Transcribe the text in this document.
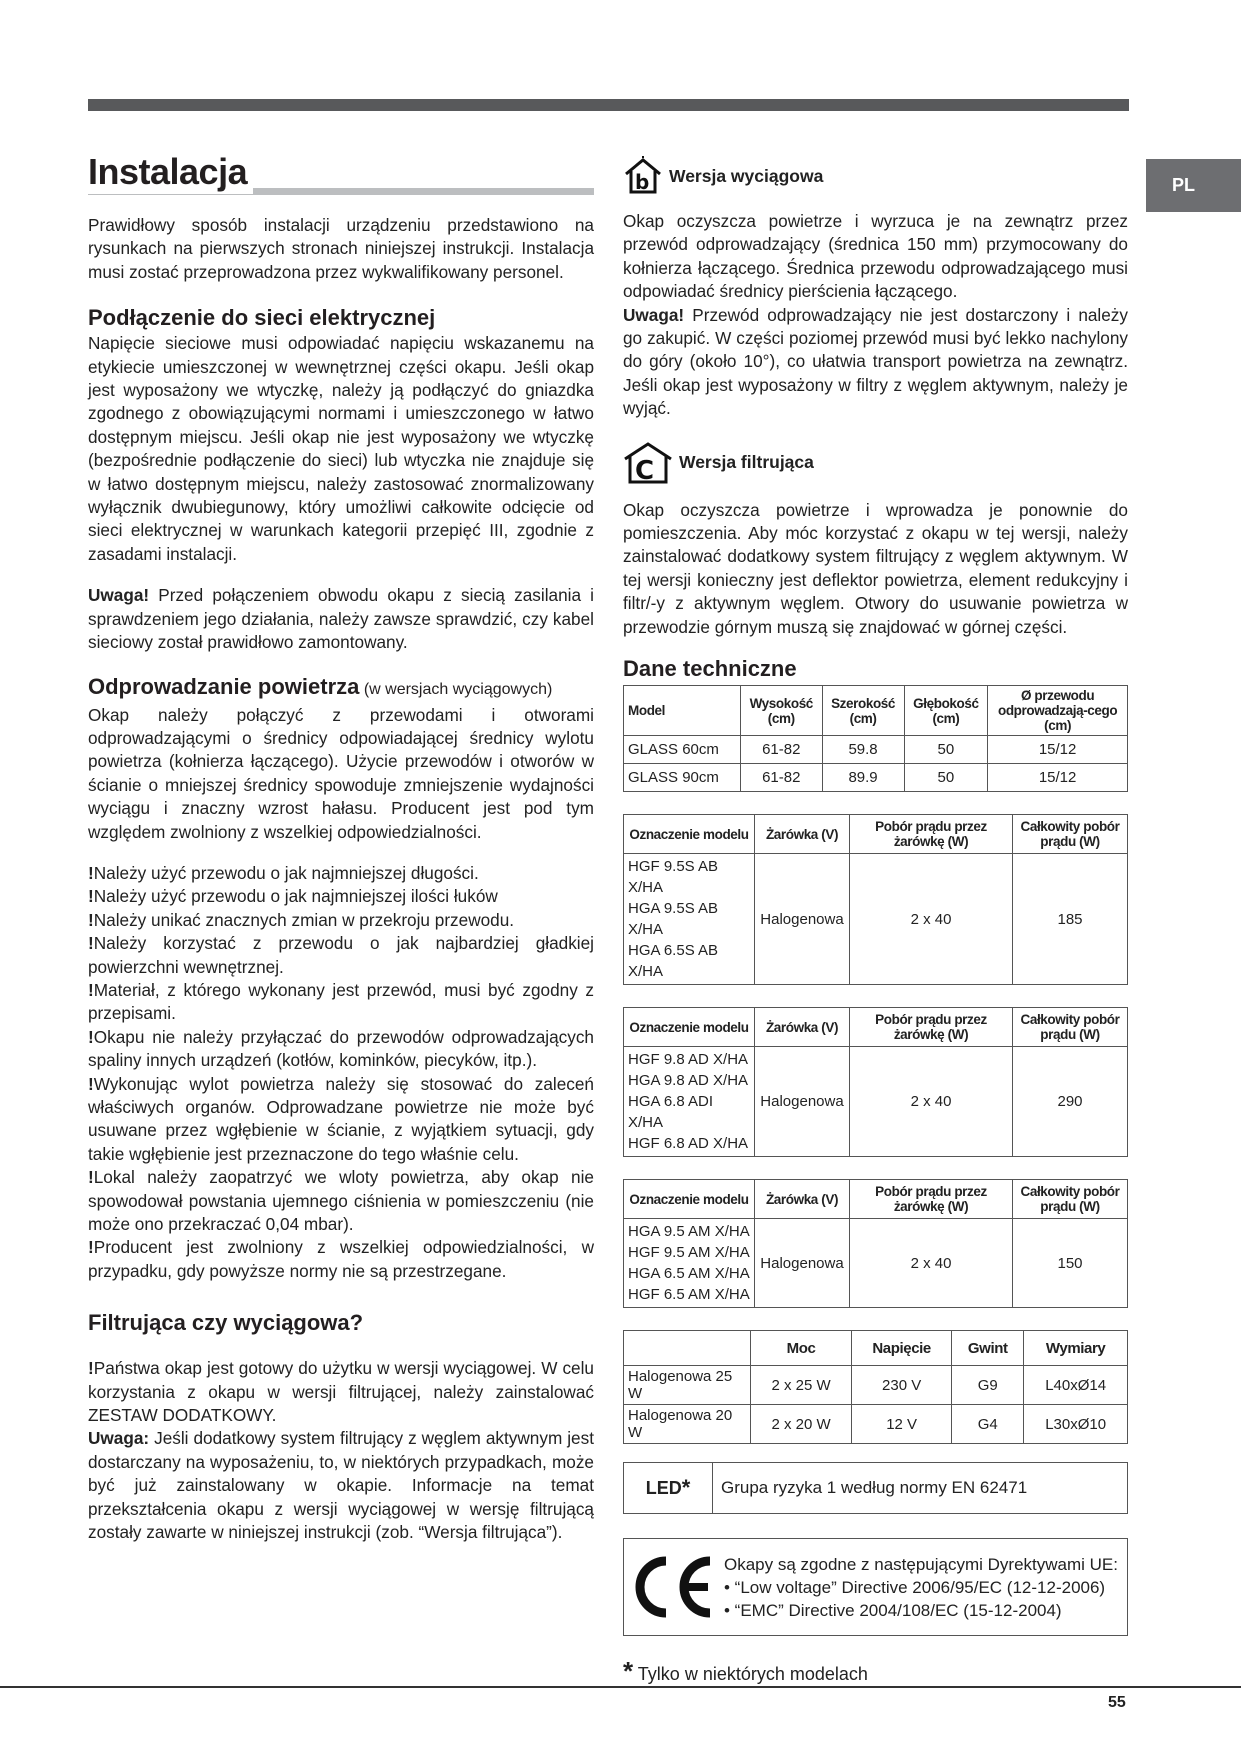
PL
Instalacja

Prawidłowy sposób instalacji urządzeniu przedstawiono na rysunkach na pierwszych stronach niniejszej instrukcji. Instalacja musi zostać przeprowadzona przez wykwalifikowany personel.

Podłączenie do sieci elektrycznej

Napięcie sieciowe musi odpowiadać napięciu wskazanemu na etykiecie umieszczonej w wewnętrznej części okapu. Jeśli okap jest wyposażony we wtyczkę, należy ją podłączyć do gniazdka zgodnego z obowiązującymi normami i umieszczonego w łatwo dostępnym miejscu. Jeśli okap nie jest wyposażony we wtyczkę (bezpośrednie podłączenie do sieci) lub wtyczka nie znajduje się w łatwo dostępnym miejscu, należy zastosować znormalizowany wyłącznik dwubiegunowy, który umożliwi całkowite odcięcie od sieci elektrycznej w warunkach kategorii przepięć III, zgodnie z zasadami instalacji.

Uwaga! Przed połączeniem obwodu okapu z siecią zasilania i sprawdzeniem jego działania, należy zawsze sprawdzić, czy kabel sieciowy został prawidłowo zamontowany.

Odprowadzanie powietrza (w wersjach wyciągowych)

Okap należy połączyć z przewodami i otworami odprowadzającymi o średnicy odpowiadającej średnicy wylotu powietrza (kołnierza łączącego). Użycie przewodów i otworów w ścianie o mniejszej średnicy spowoduje zmniejszenie wydajności wyciągu i znaczny wzrost hałasu. Producent jest pod tym względem zwolniony z wszelkiej odpowiedzialności.

!Należy użyć przewodu o jak najmniejszej długości.

!Należy użyć przewodu o jak najmniejszej ilości łuków

!Należy unikać znacznych zmian w przekroju przewodu.

!Należy korzystać z przewodu o jak najbardziej gładkiej powierzchni wewnętrznej.

!Materiał, z którego wykonany jest przewód, musi być zgodny z przepisami.

!Okapu nie należy przyłączać do przewodów odprowadzających spaliny innych urządzeń (kotłów, kominków, piecyków, itp.).

!Wykonując wylot powietrza należy się stosować do zaleceń właściwych organów. Odprowadzane powietrze nie może być usuwane przez wgłębienie w ścianie, z wyjątkiem sytuacji, gdy takie wgłębienie jest przeznaczone do tego właśnie celu.

!Lokal należy zaopatrzyć we wloty powietrza, aby okap nie spowodował powstania ujemnego ciśnienia w pomieszczeniu (nie może ono przekraczać 0,04 mbar).

!Producent jest zwolniony z wszelkiej odpowiedzialności, w przypadku, gdy powyższe normy nie są przestrzegane.

Filtrująca czy wyciągowa?

!Państwa okap jest gotowy do użytku w wersji wyciągowej. W celu korzystania z okapu w wersji filtrującej, należy zainstalować ZESTAW DODATKOWY.

Uwaga: Jeśli dodatkowy system filtrujący z węglem aktywnym jest dostarczany na wyposażeniu, to, w niektórych przypadkach, może być już zainstalowany w okapie. Informacje na temat przekształcenia okapu z wersji wyciągowej w wersję filtrującą zostały zawarte w niniejszej instrukcji (zob. “Wersja filtrująca”).

b Wersja wyciągowa

Okap oczyszcza powietrze i wyrzuca je na zewnątrz przez przewód odprowadzający (średnica 150 mm) przymocowany do kołnierza łączącego. Średnica przewodu odprowadzającego musi odpowiadać średnicy pierścienia łączącego.

Uwaga! Przewód odprowadzający nie jest dostarczony i należy go zakupić. W części poziomej przewód musi być lekko nachylony do góry (około 10°), co ułatwia transport powietrza na zewnątrz. Jeśli okap jest wyposażony w filtry z węglem aktywnym, należy je wyjąć.

C Wersja filtrująca

Okap oczyszcza powietrze i wprowadza je ponownie do pomieszczenia. Aby móc korzystać z okapu w tej wersji, należy zainstalować dodatkowy system filtrujący z węglem aktywnym. W tej wersji konieczny jest deflektor powietrza, element redukcyjny i filtr/-y z aktywnym węglem. Otwory do usuwanie powietrza w przewodzie górnym muszą się znajdować w górnej części.

Dane techniczne
Model	Wysokość (cm)	Szerokość (cm)	Głębokość (cm)	Ø przewodu odprowadzają-cego (cm)
GLASS 60cm	61-82	59.8	50	15/12
GLASS 90cm	61-82	89.9	50	15/12
Oznaczenie modelu	Żarówka (V)	Pobór prądu przez żarówkę (W)	Całkowity pobór prądu (W)

HGF 9.5S AB X/HA
HGA 9.5S AB X/HA
HGA 6.5S AB X/HA	Halogenowa	2 x 40	185
Oznaczenie modelu	Żarówka (V)	Pobór prądu przez żarówkę (W)	Całkowity pobór prądu (W)

HGF 9.8 AD X/HA
HGA 9.8 AD X/HA
HGA 6.8 ADI X/HA
HGF 6.8 AD X/HA	Halogenowa	2 x 40	290
Oznaczenie modelu	Żarówka (V)	Pobór prądu przez żarówkę (W)	Całkowity pobór prądu (W)

HGA 9.5 AM X/HA
HGF 9.5 AM X/HA
HGA 6.5 AM X/HA
HGF 6.5 AM X/HA	Halogenowa	2 x 40	150
	Moc	Napięcie	Gwint	Wymiary
Halogenowa 25 W	2 x 25 W	230 V	G9	L40xØ14
Halogenowa 20 W	2 x 20 W	12 V	G4	L30xØ10
LED *	Grupa ryzyka 1 według normy EN 62471
Okapy są zgodne z następującymi Dyrektywami UE:
• “Low voltage” Directive 2006/95/EC (12-12-2006)
• “EMC” Directive 2004/108/EC (15-12-2004)
* Tylko w niektórych modelach
55
